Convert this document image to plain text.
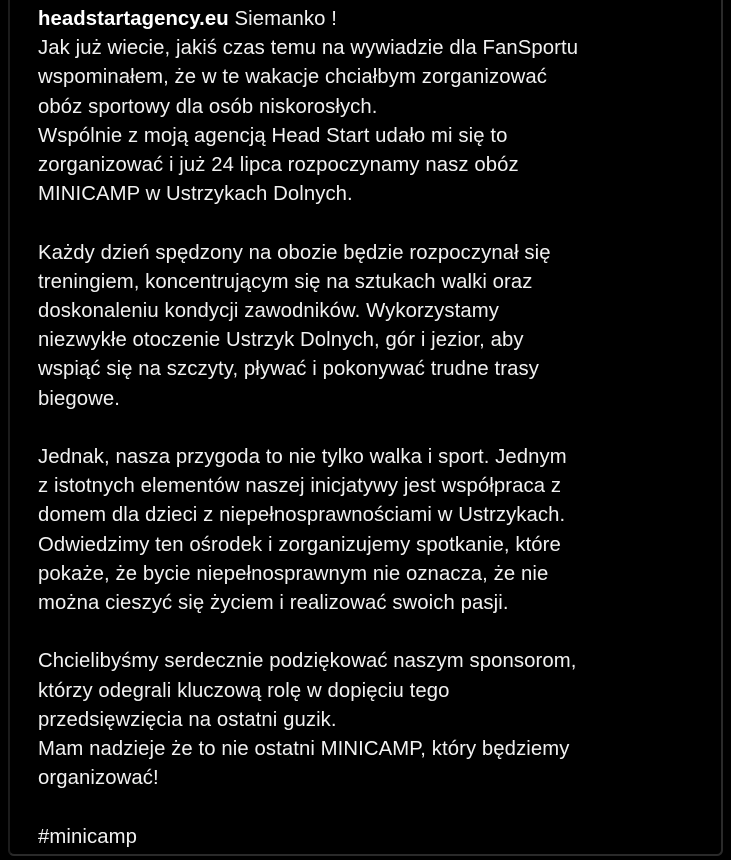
headstartagency.eu Siemanko !
Jak już wiecie, jakiś czas temu na wywiadzie dla FanSportu
wspominałem, że w te wakacje chciałbym zorganizować
obóz sportowy dla osób niskorosłych.
Wspólnie z moją agencją Head Start udało mi się to
zorganizować i już 24 lipca rozpoczynamy nasz obóz
MINICAMP w Ustrzykach Dolnych.

Każdy dzień spędzony na obozie będzie rozpoczynał się
treningiem, koncentrującym się na sztukach walki oraz
doskonaleniu kondycji zawodników. Wykorzystamy
niezwykłe otoczenie Ustrzyk Dolnych, gór i jezior, aby
wspiąć się na szczyty, pływać i pokonywać trudne trasy
biegowe.

Jednak, nasza przygoda to nie tylko walka i sport. Jednym
z istotnych elementów naszej inicjatywy jest współpraca z
domem dla dzieci z niepełnosprawnościami w Ustrzykach.
Odwiedzimy ten ośrodek i zorganizujemy spotkanie, które
pokaże, że bycie niepełnosprawnym nie oznacza, że nie
można cieszyć się życiem i realizować swoich pasji.

Chcielibyśmy serdecznie podziękować naszym sponsorom,
którzy odegrali kluczową rolę w dopięciu tego
przedsięwzięcia na ostatni guzik.
Mam nadzieje że to nie ostatni MINICAMP, który będziemy
organizować!

#minicamp
